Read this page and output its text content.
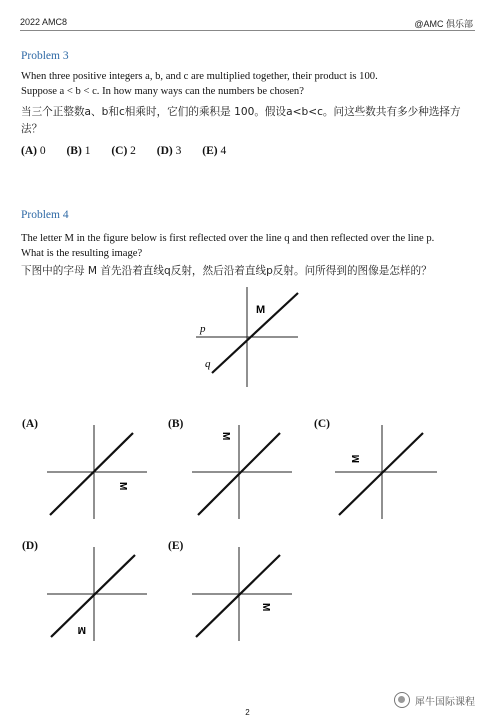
2022 AMC8	@AMC 俱乐部
Problem 3
When three positive integers a, b, and c are multiplied together, their product is 100.
Suppose a < b < c. In how many ways can the numbers be chosen?
当三个正整数a、b和c相乘时，它们的乘积是 100。假设a<b<c。问这些数共有多少种选择方法？
(A) 0 (B) 1 (C) 2 (D) 3 (E) 4
Problem 4
The letter M in the figure below is first reflected over the line q and then reflected over the line p.
What is the resulting image?
下图中的字母 M 首先沿着直线q反射，然后沿着直线p反射。问所得到的图像是怎样的？
M
p
q
(A)
M
(B)
M
(C)
M
(D)
M
(E)
M
犀牛国际课程
2
